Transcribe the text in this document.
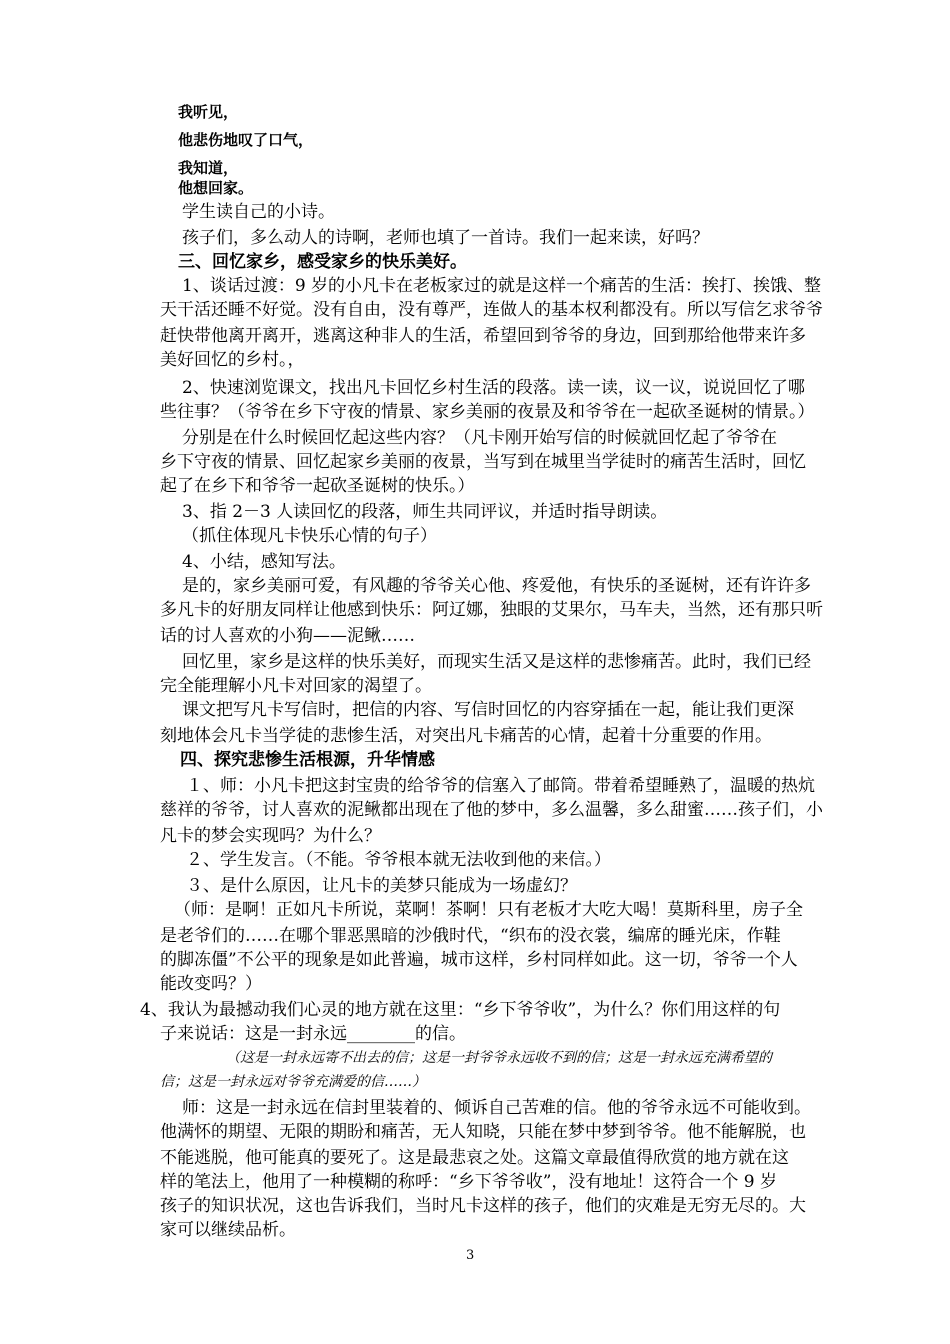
我听见，
他悲伤地叹了口气，
我知道，
他想回家。
学生读自己的小诗。
孩子们，多么动人的诗啊，老师也填了一首诗。我们一起来读，好吗？
三、回忆家乡，感受家乡的快乐美好。
1、谈话过渡：9 岁的小凡卡在老板家过的就是这样一个痛苦的生活：挨打、挨饿、整
天干活还睡不好觉。没有自由，没有尊严，连做人的基本权利都没有。所以写信乞求爷爷
赶快带他离开离开，逃离这种非人的生活，希望回到爷爷的身边，回到那给他带来许多
美好回忆的乡村。，
2、快速浏览课文，找出凡卡回忆乡村生活的段落。读一读，议一议，说说回忆了哪
些往事？（爷爷在乡下守夜的情景、家乡美丽的夜景及和爷爷在一起砍圣诞树的情景。）
分别是在什么时候回忆起这些内容？（凡卡刚开始写信的时候就回忆起了爷爷在
乡下守夜的情景、回忆起家乡美丽的夜景，当写到在城里当学徒时的痛苦生活时，回忆
起了在乡下和爷爷一起砍圣诞树的快乐。）
3、指 2－3 人读回忆的段落，师生共同评议，并适时指导朗读。
（抓住体现凡卡快乐心情的句子）
4、小结，感知写法。
是的，家乡美丽可爱，有风趣的爷爷关心他、疼爱他，有快乐的圣诞树，还有许许多
多凡卡的好朋友同样让他感到快乐：阿辽娜，独眼的艾果尔，马车夫，当然，还有那只听
话的讨人喜欢的小狗——泥鳅……
回忆里，家乡是这样的快乐美好，而现实生活又是这样的悲惨痛苦。此时，我们已经
完全能理解小凡卡对回家的渴望了。
课文把写凡卡写信时，把信的内容、写信时回忆的内容穿插在一起，能让我们更深
刻地体会凡卡当学徒的悲惨生活，对突出凡卡痛苦的心情，起着十分重要的作用。
四、探究悲惨生活根源，升华情感
１、师：小凡卡把这封宝贵的给爷爷的信塞入了邮筒。带着希望睡熟了，温暖的热炕
慈祥的爷爷，讨人喜欢的泥鳅都出现在了他的梦中，多么温馨，多么甜蜜……孩子们，小
凡卡的梦会实现吗？为什么？
２、学生发言。（不能。爷爷根本就无法收到他的来信。）
３、是什么原因，让凡卡的美梦只能成为一场虚幻？
（师：是啊！正如凡卡所说，菜啊！茶啊！只有老板才大吃大喝！莫斯科里，房子全
是老爷们的……在哪个罪恶黑暗的沙俄时代，“织布的没衣裳，编席的睡光床，作鞋
的脚冻僵”不公平的现象是如此普遍，城市这样，乡村同样如此。这一切，爷爷一个人
能改变吗？）
4、我认为最撼动我们心灵的地方就在这里：“乡下爷爷收”，为什么？你们用这样的句
子来说话：这是一封永远________的信。
（这是一封永远寄不出去的信；这是一封爷爷永远收不到的信；这是一封永远充满希望的
信；这是一封永远对爷爷充满爱的信……）
师：这是一封永远在信封里装着的、倾诉自己苦难的信。他的爷爷永远不可能收到。
他满怀的期望、无限的期盼和痛苦，无人知晓，只能在梦中梦到爷爷。他不能解脱，也
不能逃脱，他可能真的要死了。这是最悲哀之处。这篇文章最值得欣赏的地方就在这
样的笔法上，他用了一种模糊的称呼：“乡下爷爷收”，没有地址！这符合一个 9 岁
孩子的知识状况，这也告诉我们，当时凡卡这样的孩子，他们的灾难是无穷无尽的。大
家可以继续品析。
3
